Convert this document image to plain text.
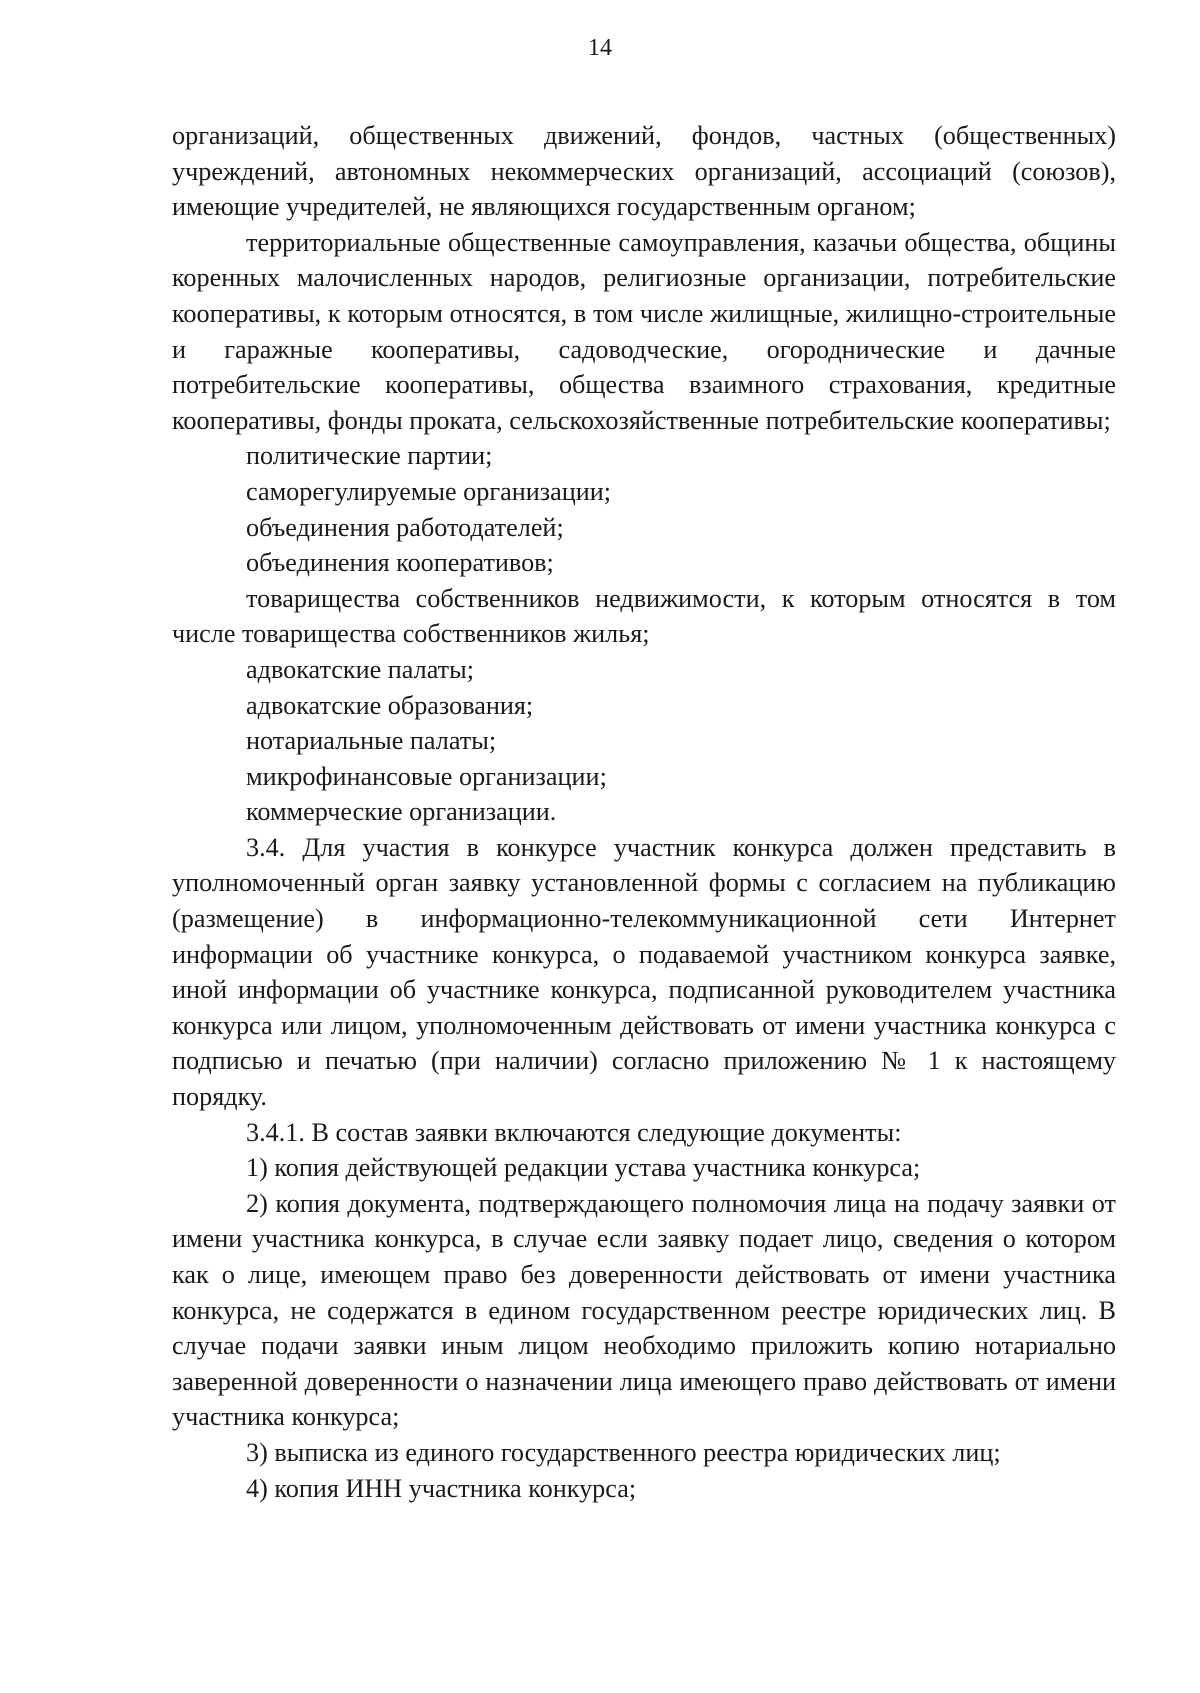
14

организаций, общественных движений, фондов, частных (общественных) учреждений, автономных некоммерческих организаций, ассоциаций (союзов), имеющие учредителей, не являющихся государственным органом;

территориальные общественные самоуправления, казачьи общества, общины коренных малочисленных народов, религиозные организации, потребительские кооперативы, к которым относятся, в том числе жилищные, жилищно-строительные и гаражные кооперативы, садоводческие, огороднические и дачные потребительские кооперативы, общества взаимного страхования, кредитные кооперативы, фонды проката, сельскохозяйственные потребительские кооперативы;

политические партии;

саморегулируемые организации;

объединения работодателей;

объединения кооперативов;

товарищества собственников недвижимости, к которым относятся в том числе товарищества собственников жилья;

адвокатские палаты;

адвокатские образования;

нотариальные палаты;

микрофинансовые организации;

коммерческие организации.

3.4. Для участия в конкурсе участник конкурса должен представить в уполномоченный орган заявку установленной формы с согласием на публикацию (размещение) в информационно-телекоммуникационной сети Интернет информации об участнике конкурса, о подаваемой участником конкурса заявке, иной информации об участнике конкурса, подписанной руководителем участника конкурса или лицом, уполномоченным действовать от имени участника конкурса с подписью и печатью (при наличии) согласно приложению № 1 к настоящему порядку.

3.4.1. В состав заявки включаются следующие документы:

1) копия действующей редакции устава участника конкурса;

2) копия документа, подтверждающего полномочия лица на подачу заявки от имени участника конкурса, в случае если заявку подает лицо, сведения о котором как о лице, имеющем право без доверенности действовать от имени участника конкурса, не содержатся в едином государственном реестре юридических лиц. В случае подачи заявки иным лицом необходимо приложить копию нотариально заверенной доверенности о назначении лица имеющего право действовать от имени участника конкурса;

3) выписка из единого государственного реестра юридических лиц;

4) копия ИНН участника конкурса;
